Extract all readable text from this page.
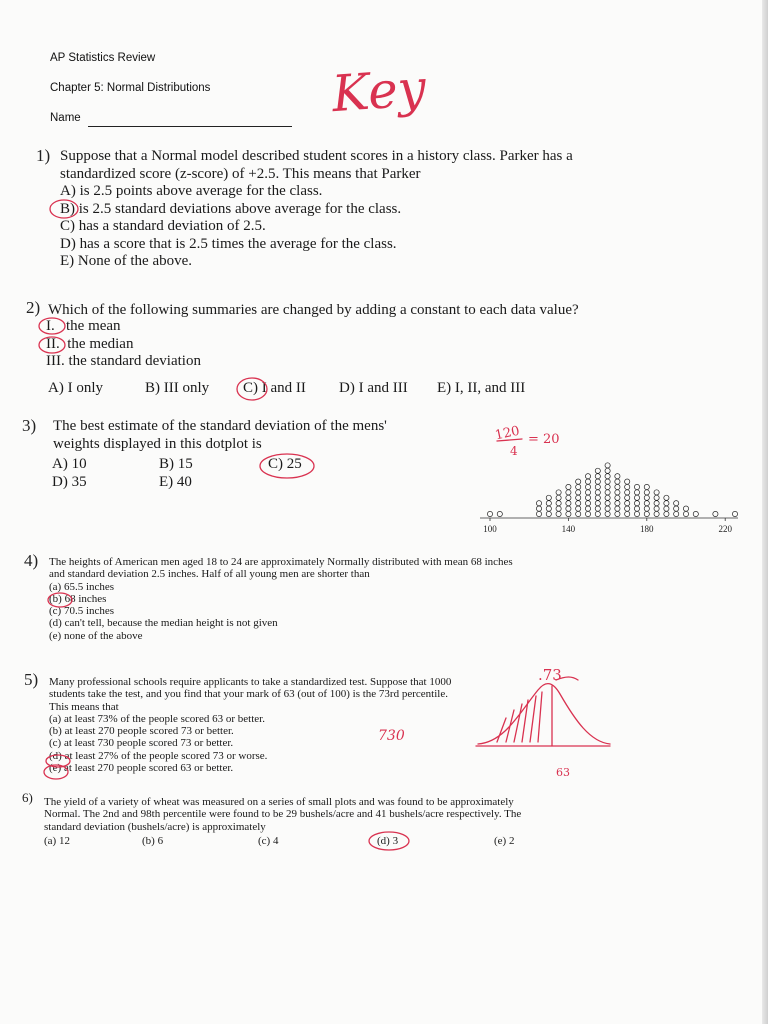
AP Statistics Review
Chapter 5: Normal Distributions
Name	Key
1) Suppose that a Normal model described student scores in a history class. Parker has a

standardized score (z-score) of +2.5. This means that Parker

A) is 2.5 points above average for the class.

B) is 2.5 standard deviations above average for the class.

C) has a standard deviation of 2.5.

D) has a score that is 2.5 times the average for the class.

E) None of the above.

2) Which of the following summaries are changed by adding a constant to each data value?

I.   the mean

II.  the median

III. the standard deviation

A) I only	B) III only C) I and II D) I and III E) I, II, and III
3) The best estimate of the standard deviation of the mens'

weights displayed in this dotplot is

A) 10	B) 15	C) 25
D) 35	E) 40
120
4
= 20
100	140	180	220
4) The heights of American men aged 18 to 24 are approximately Normally distributed with mean 68 inches

and standard deviation 2.5 inches. Half of all young men are shorter than

(a) 65.5 inches

(b) 68 inches

(c) 70.5 inches

(d) can't tell, because the median height is not given

(e) none of the above

5) Many professional schools require applicants to take a standardized test. Suppose that 1000

students take the test, and you find that your mark of 63 (out of 100) is the 73rd percentile.

This means that

(a) at least 73% of the people scored 63 or better.

(b) at least 270 people scored 73 or better.

(c) at least 730 people scored 73 or better.

(d) at least 27% of the people scored 73 or worse.

(e) at least 270 people scored 63 or better.

.73
730
63
6) The yield of a variety of wheat was measured on a series of small plots and was found to be approximately

Normal. The 2nd and 98th percentile were found to be 29 bushels/acre and 41 bushels/acre respectively. The

standard deviation (bushels/acre) is approximately

(a) 12	(b) 6	(c) 4	(d) 3	(e) 2
